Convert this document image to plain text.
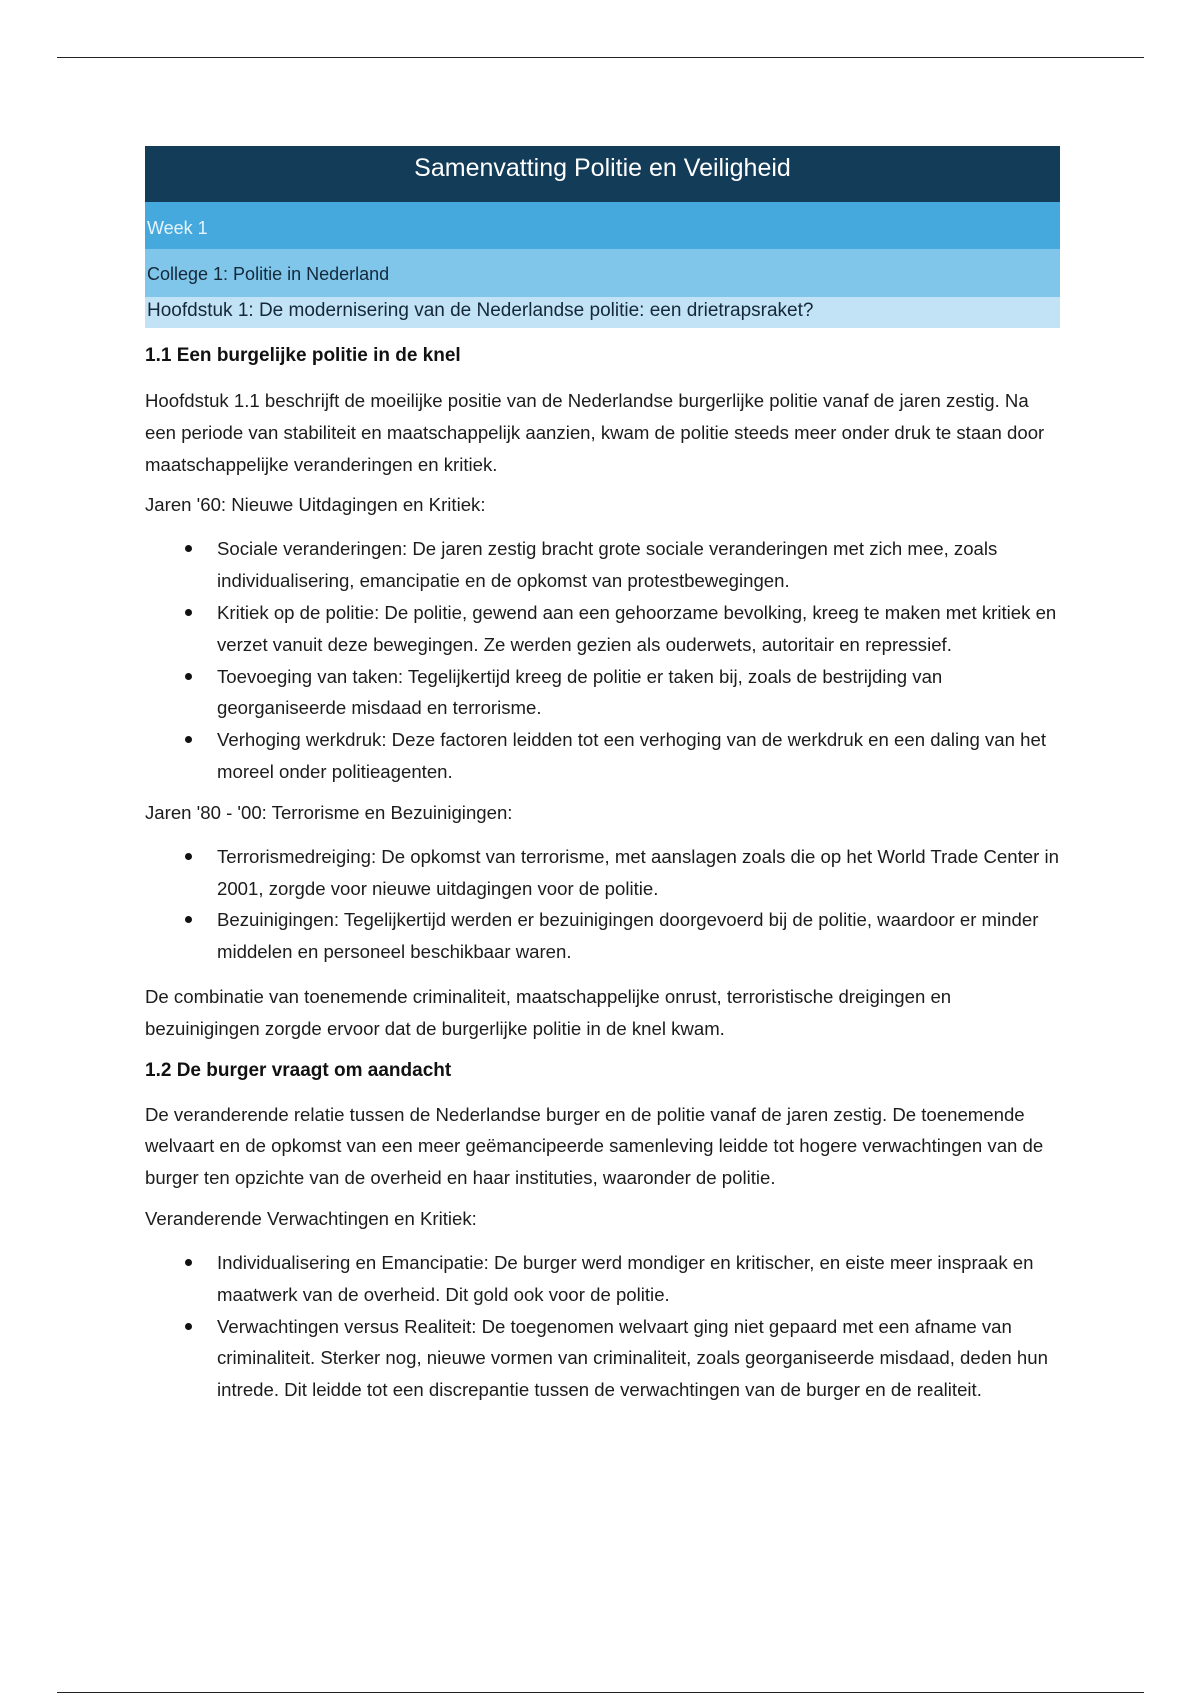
Samenvatting Politie en Veiligheid
Week 1
College 1: Politie in Nederland
Hoofdstuk 1: De modernisering van de Nederlandse politie: een drietrapsraket?
1.1 Een burgelijke politie in de knel

Hoofdstuk 1.1 beschrijft de moeilijke positie van de Nederlandse burgerlijke politie vanaf de jaren zestig. Na een periode van stabiliteit en maatschappelijk aanzien, kwam de politie steeds meer onder druk te staan door maatschappelijke veranderingen en kritiek.

Jaren '60: Nieuwe Uitdagingen en Kritiek:
Sociale veranderingen: De jaren zestig bracht grote sociale veranderingen met zich mee, zoals individualisering, emancipatie en de opkomst van protestbewegingen.
Kritiek op de politie: De politie, gewend aan een gehoorzame bevolking, kreeg te maken met kritiek en verzet vanuit deze bewegingen. Ze werden gezien als ouderwets, autoritair en repressief.
Toevoeging van taken: Tegelijkertijd kreeg de politie er taken bij, zoals de bestrijding van georganiseerde misdaad en terrorisme.
Verhoging werkdruk: Deze factoren leidden tot een verhoging van de werkdruk en een daling van het moreel onder politieagenten.
Jaren '80 - '00: Terrorisme en Bezuinigingen:
Terrorismedreiging: De opkomst van terrorisme, met aanslagen zoals die op het World Trade Center in 2001, zorgde voor nieuwe uitdagingen voor de politie.
Bezuinigingen: Tegelijkertijd werden er bezuinigingen doorgevoerd bij de politie, waardoor er minder middelen en personeel beschikbaar waren.

De combinatie van toenemende criminaliteit, maatschappelijke onrust, terroristische dreigingen en bezuinigingen zorgde ervoor dat de burgerlijke politie in de knel kwam.

1.2 De burger vraagt om aandacht

De veranderende relatie tussen de Nederlandse burger en de politie vanaf de jaren zestig. De toenemende welvaart en de opkomst van een meer geëmancipeerde samenleving leidde tot hogere verwachtingen van de burger ten opzichte van de overheid en haar instituties, waaronder de politie.

Veranderende Verwachtingen en Kritiek:
Individualisering en Emancipatie: De burger werd mondiger en kritischer, en eiste meer inspraak en maatwerk van de overheid. Dit gold ook voor de politie.
Verwachtingen versus Realiteit: De toegenomen welvaart ging niet gepaard met een afname van criminaliteit. Sterker nog, nieuwe vormen van criminaliteit, zoals georganiseerde misdaad, deden hun intrede. Dit leidde tot een discrepantie tussen de verwachtingen van de burger en de realiteit.
